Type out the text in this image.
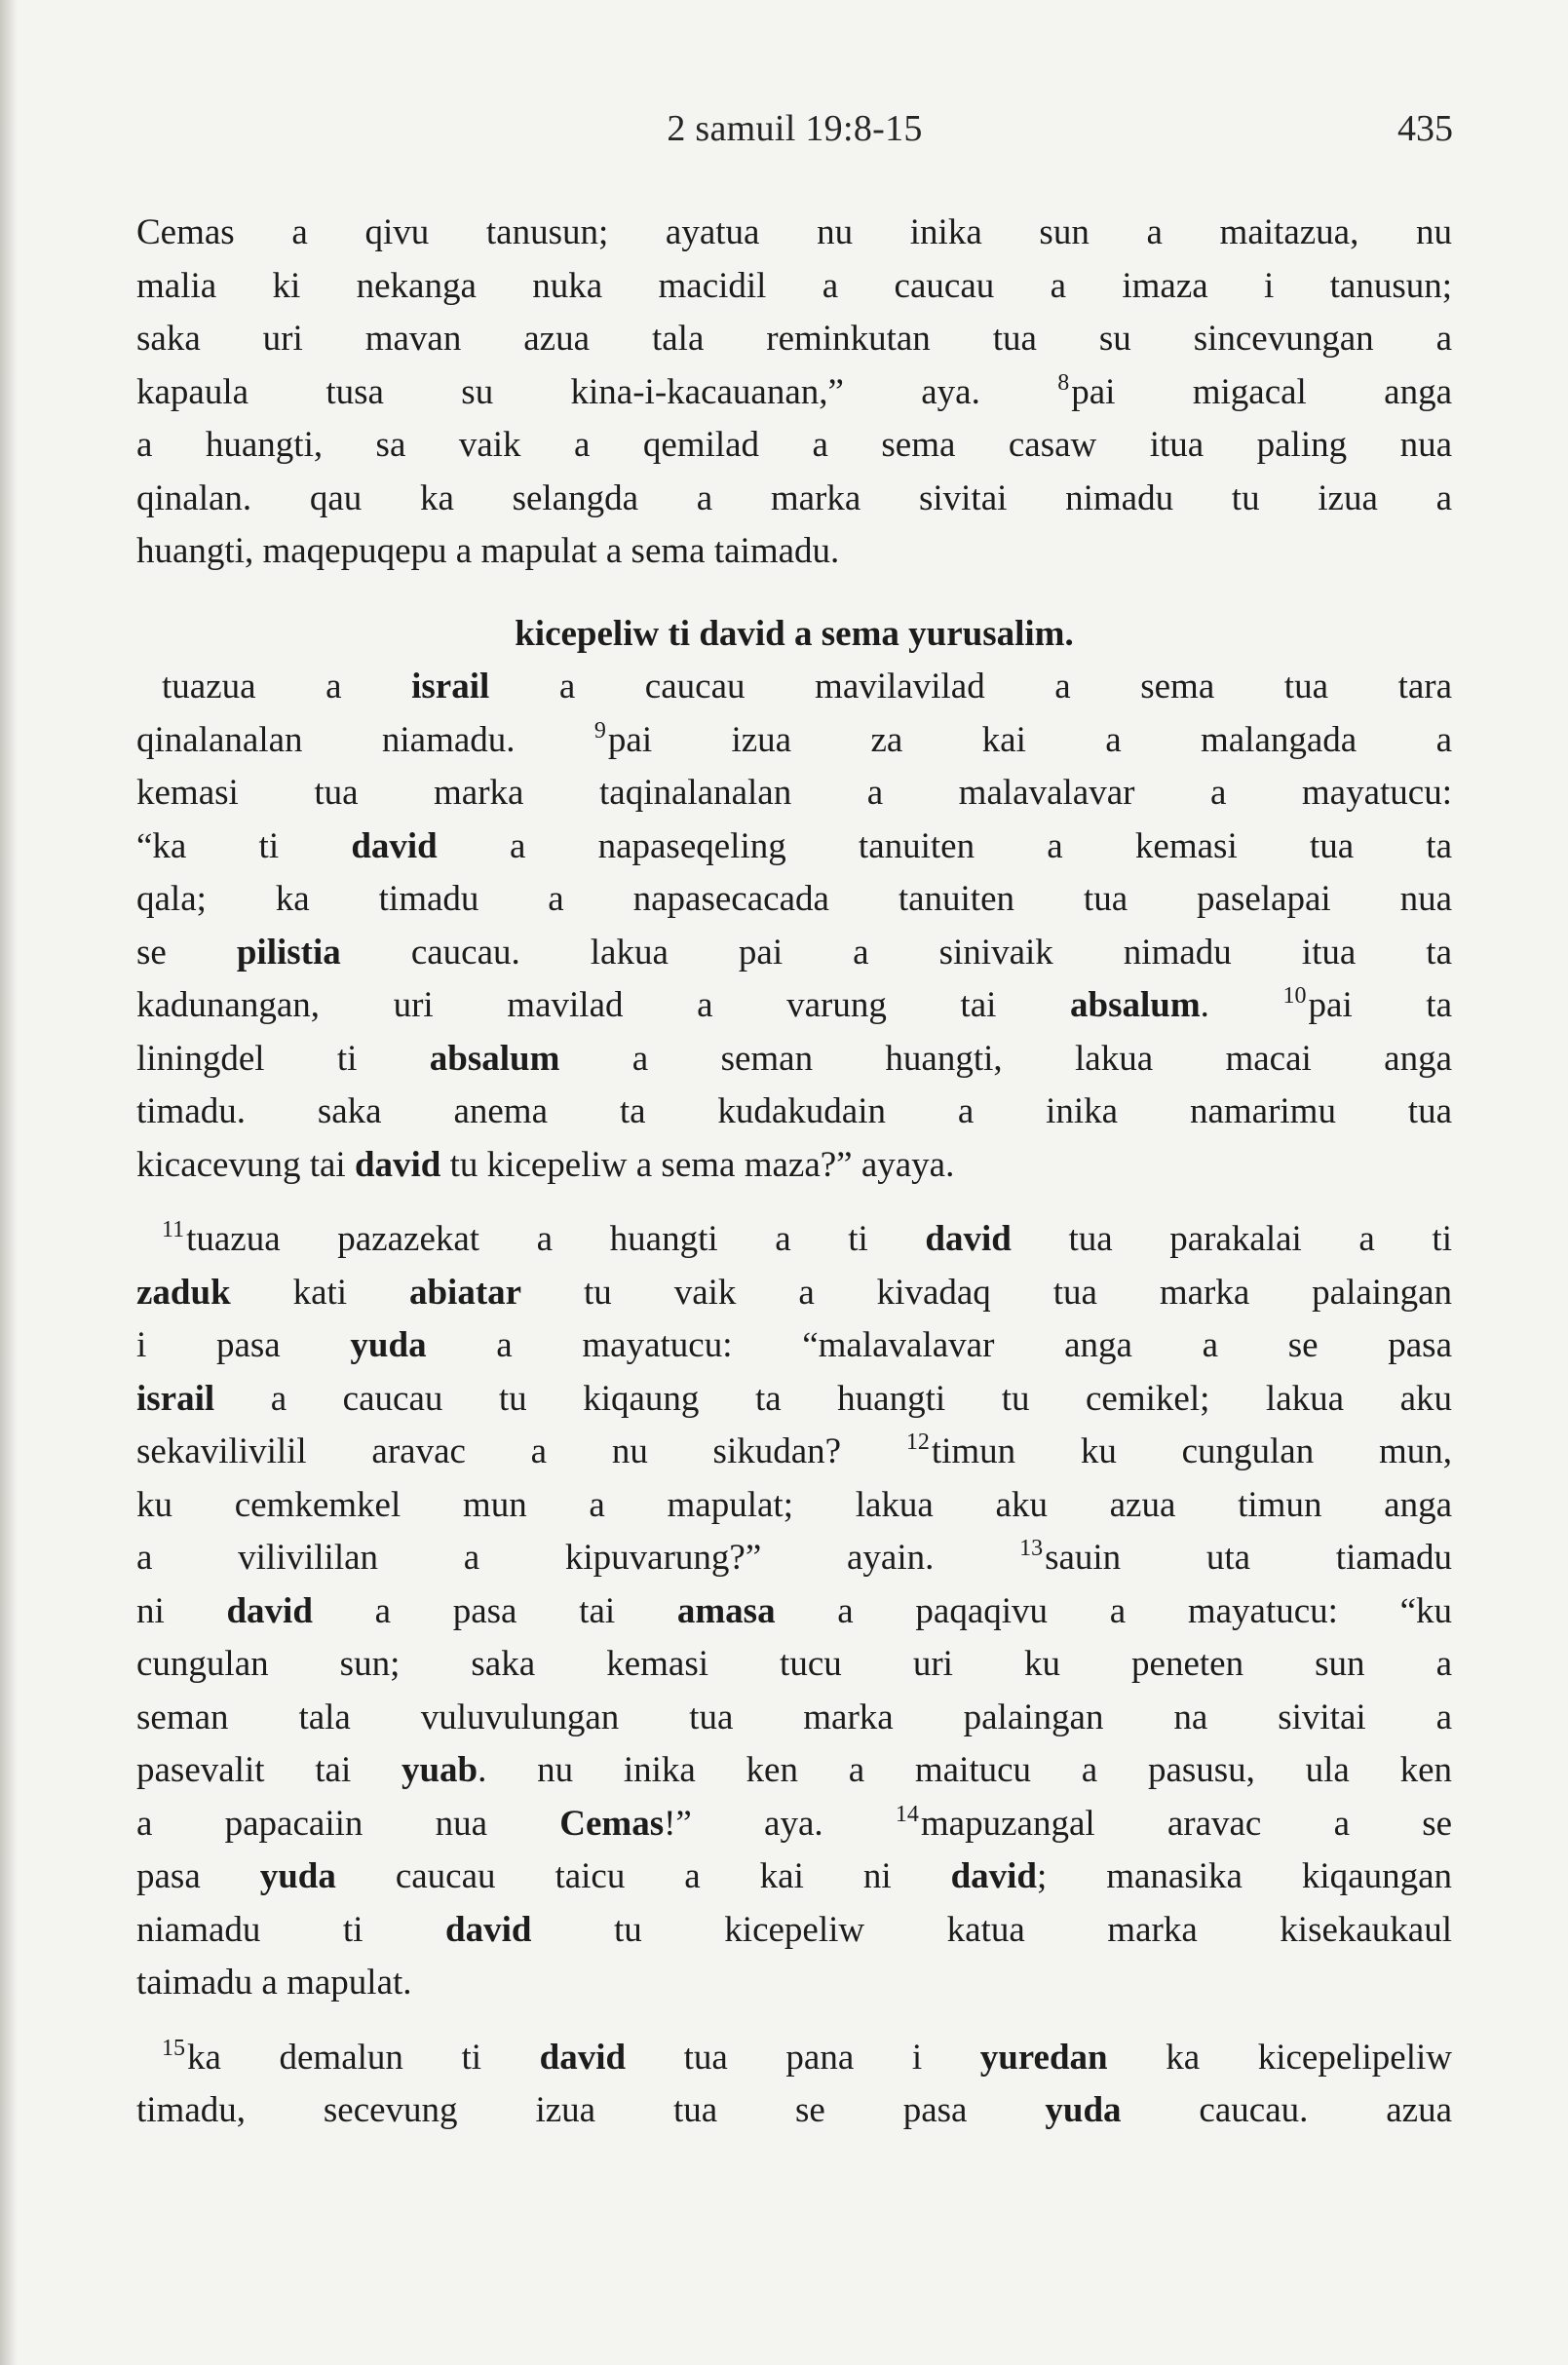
2 samuil 19:8-15	435

Cemas a qivu tanusun; ayatua nu inika sun a maitazua, nu

malia ki nekanga nuka macidil a caucau a imaza i tanusun;

saka uri mavan azua tala reminkutan tua su sincevungan a

kapaula tusa su kina-i-kacauanan,” aya.	$^8$pai migacal anga

a huangti, sa vaik a qemilad a sema casaw itua paling nua

qinalan. qau ka selangda a marka sivitai nimadu tu izua a

huangti, maqepuqepu a mapulat a sema taimadu.

kicepeliw ti david a sema yurusalim.

tuazua a israil a caucau mavilavilad a sema tua tara

qinalanalan niamadu.	$^9$pai izua za kai a malangada a

kemasi tua marka taqinalanalan a malavalavar a mayatucu:

“ka ti david a napaseqeling tanuiten a kemasi tua ta

qala; ka timadu a napasecacada tanuiten tua paselapai nua

se pilistia caucau. lakua pai a sinivaik nimadu itua ta

kadunangan, uri mavilad a varung tai absalum.	$^{10}$pai ta

liningdel ti absalum a seman huangti, lakua macai anga

timadu. saka anema ta kudakudain a inika namarimu tua

kicacevung tai david tu kicepeliw a sema maza?” ayaya.

$^{11}$tuazua pazazekat a huangti a ti david tua parakalai a ti

zaduk kati abiatar tu vaik a kivadaq tua marka palaingan

i pasa yuda a mayatucu: “malavalavar anga a se pasa

israil a caucau tu kiqaung ta huangti tu cemikel; lakua aku

sekavilivilil aravac a nu sikudan?	$^{12}$timun ku cungulan mun,

ku cemkemkel mun a mapulat; lakua aku azua timun anga

a vilivililan a kipuvarung?” ayain.	$^{13}$sauin uta tiamadu

ni david a pasa tai amasa a paqaqivu a mayatucu: “ku

cungulan sun; saka kemasi tucu uri ku peneten sun a

seman tala vuluvulungan tua marka palaingan na sivitai a

pasevalit tai yuab. nu inika ken a maitucu a pasusu, ula ken

a papacaiin nua Cemas!” aya.	$^{14}$mapuzangal aravac a se

pasa yuda caucau taicu a kai ni david; manasika kiqaungan

niamadu ti david tu kicepeliw katua marka kisekaukaul

taimadu a mapulat.

$^{15}$ka demalun ti david tua pana i yuredan ka kicepelipeliw

timadu, secevung izua tua se pasa yuda caucau. azua
